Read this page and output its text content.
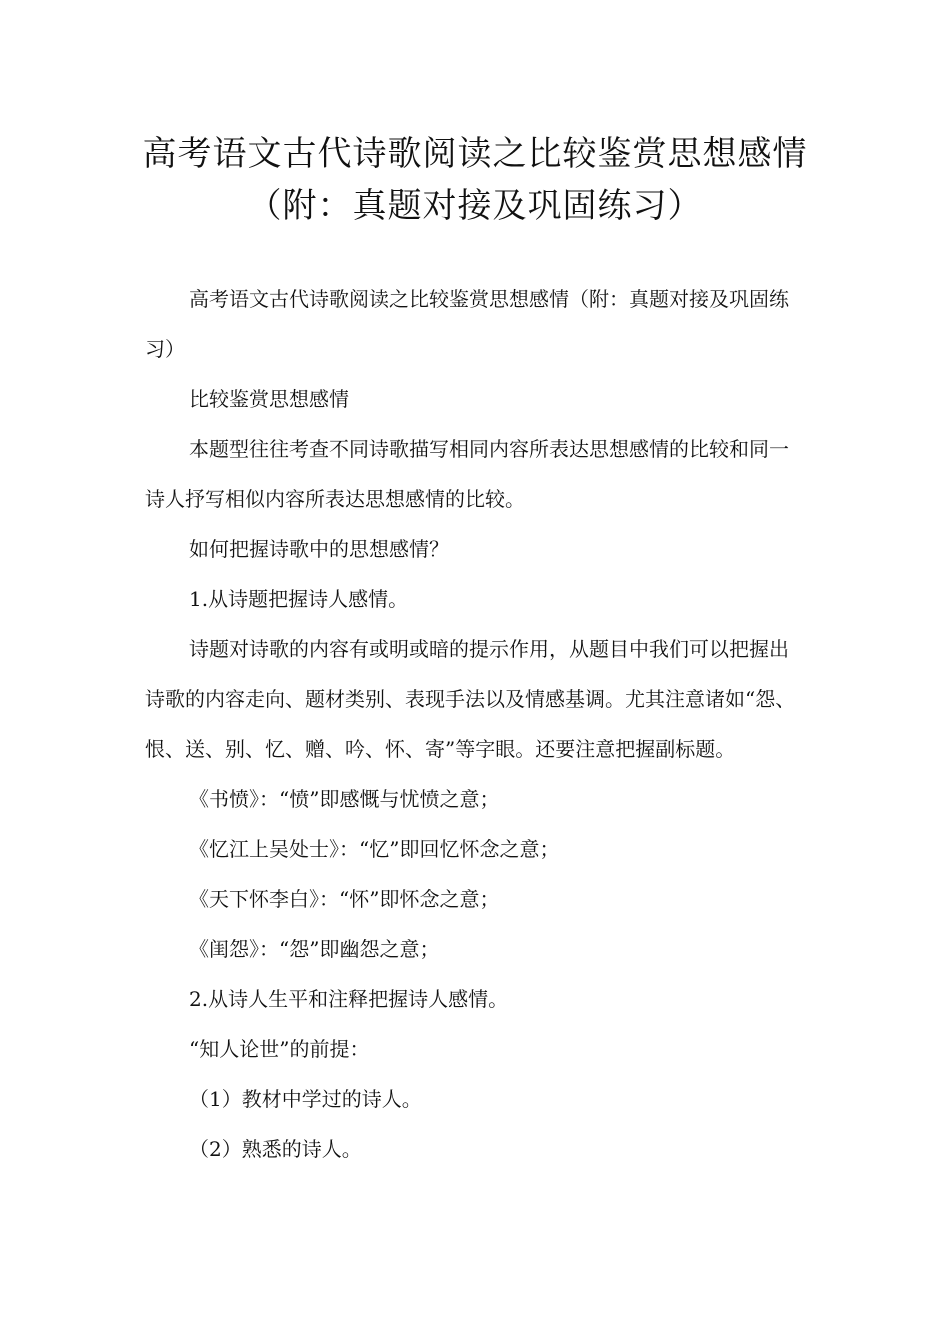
高考语文古代诗歌阅读之比较鉴赏思想感情（附：真题对接及巩固练习）

高考语文古代诗歌阅读之比较鉴赏思想感情（附：真题对接及巩固练习）

比较鉴赏思想感情

本题型往往考查不同诗歌描写相同内容所表达思想感情的比较和同一诗人抒写相似内容所表达思想感情的比较。

如何把握诗歌中的思想感情？

1.从诗题把握诗人感情。

诗题对诗歌的内容有或明或暗的提示作用，从题目中我们可以把握出诗歌的内容走向、题材类别、表现手法以及情感基调。尤其注意诸如“怨、恨、送、别、忆、赠、吟、怀、寄”等字眼。还要注意把握副标题。

《书愤》：“愤”即感慨与忧愤之意；

《忆江上吴处士》：“忆”即回忆怀念之意；

《天下怀李白》：“怀”即怀念之意；

《闺怨》：“怨”即幽怨之意；

2.从诗人生平和注释把握诗人感情。

“知人论世”的前提：

（1）教材中学过的诗人。

（2）熟悉的诗人。
